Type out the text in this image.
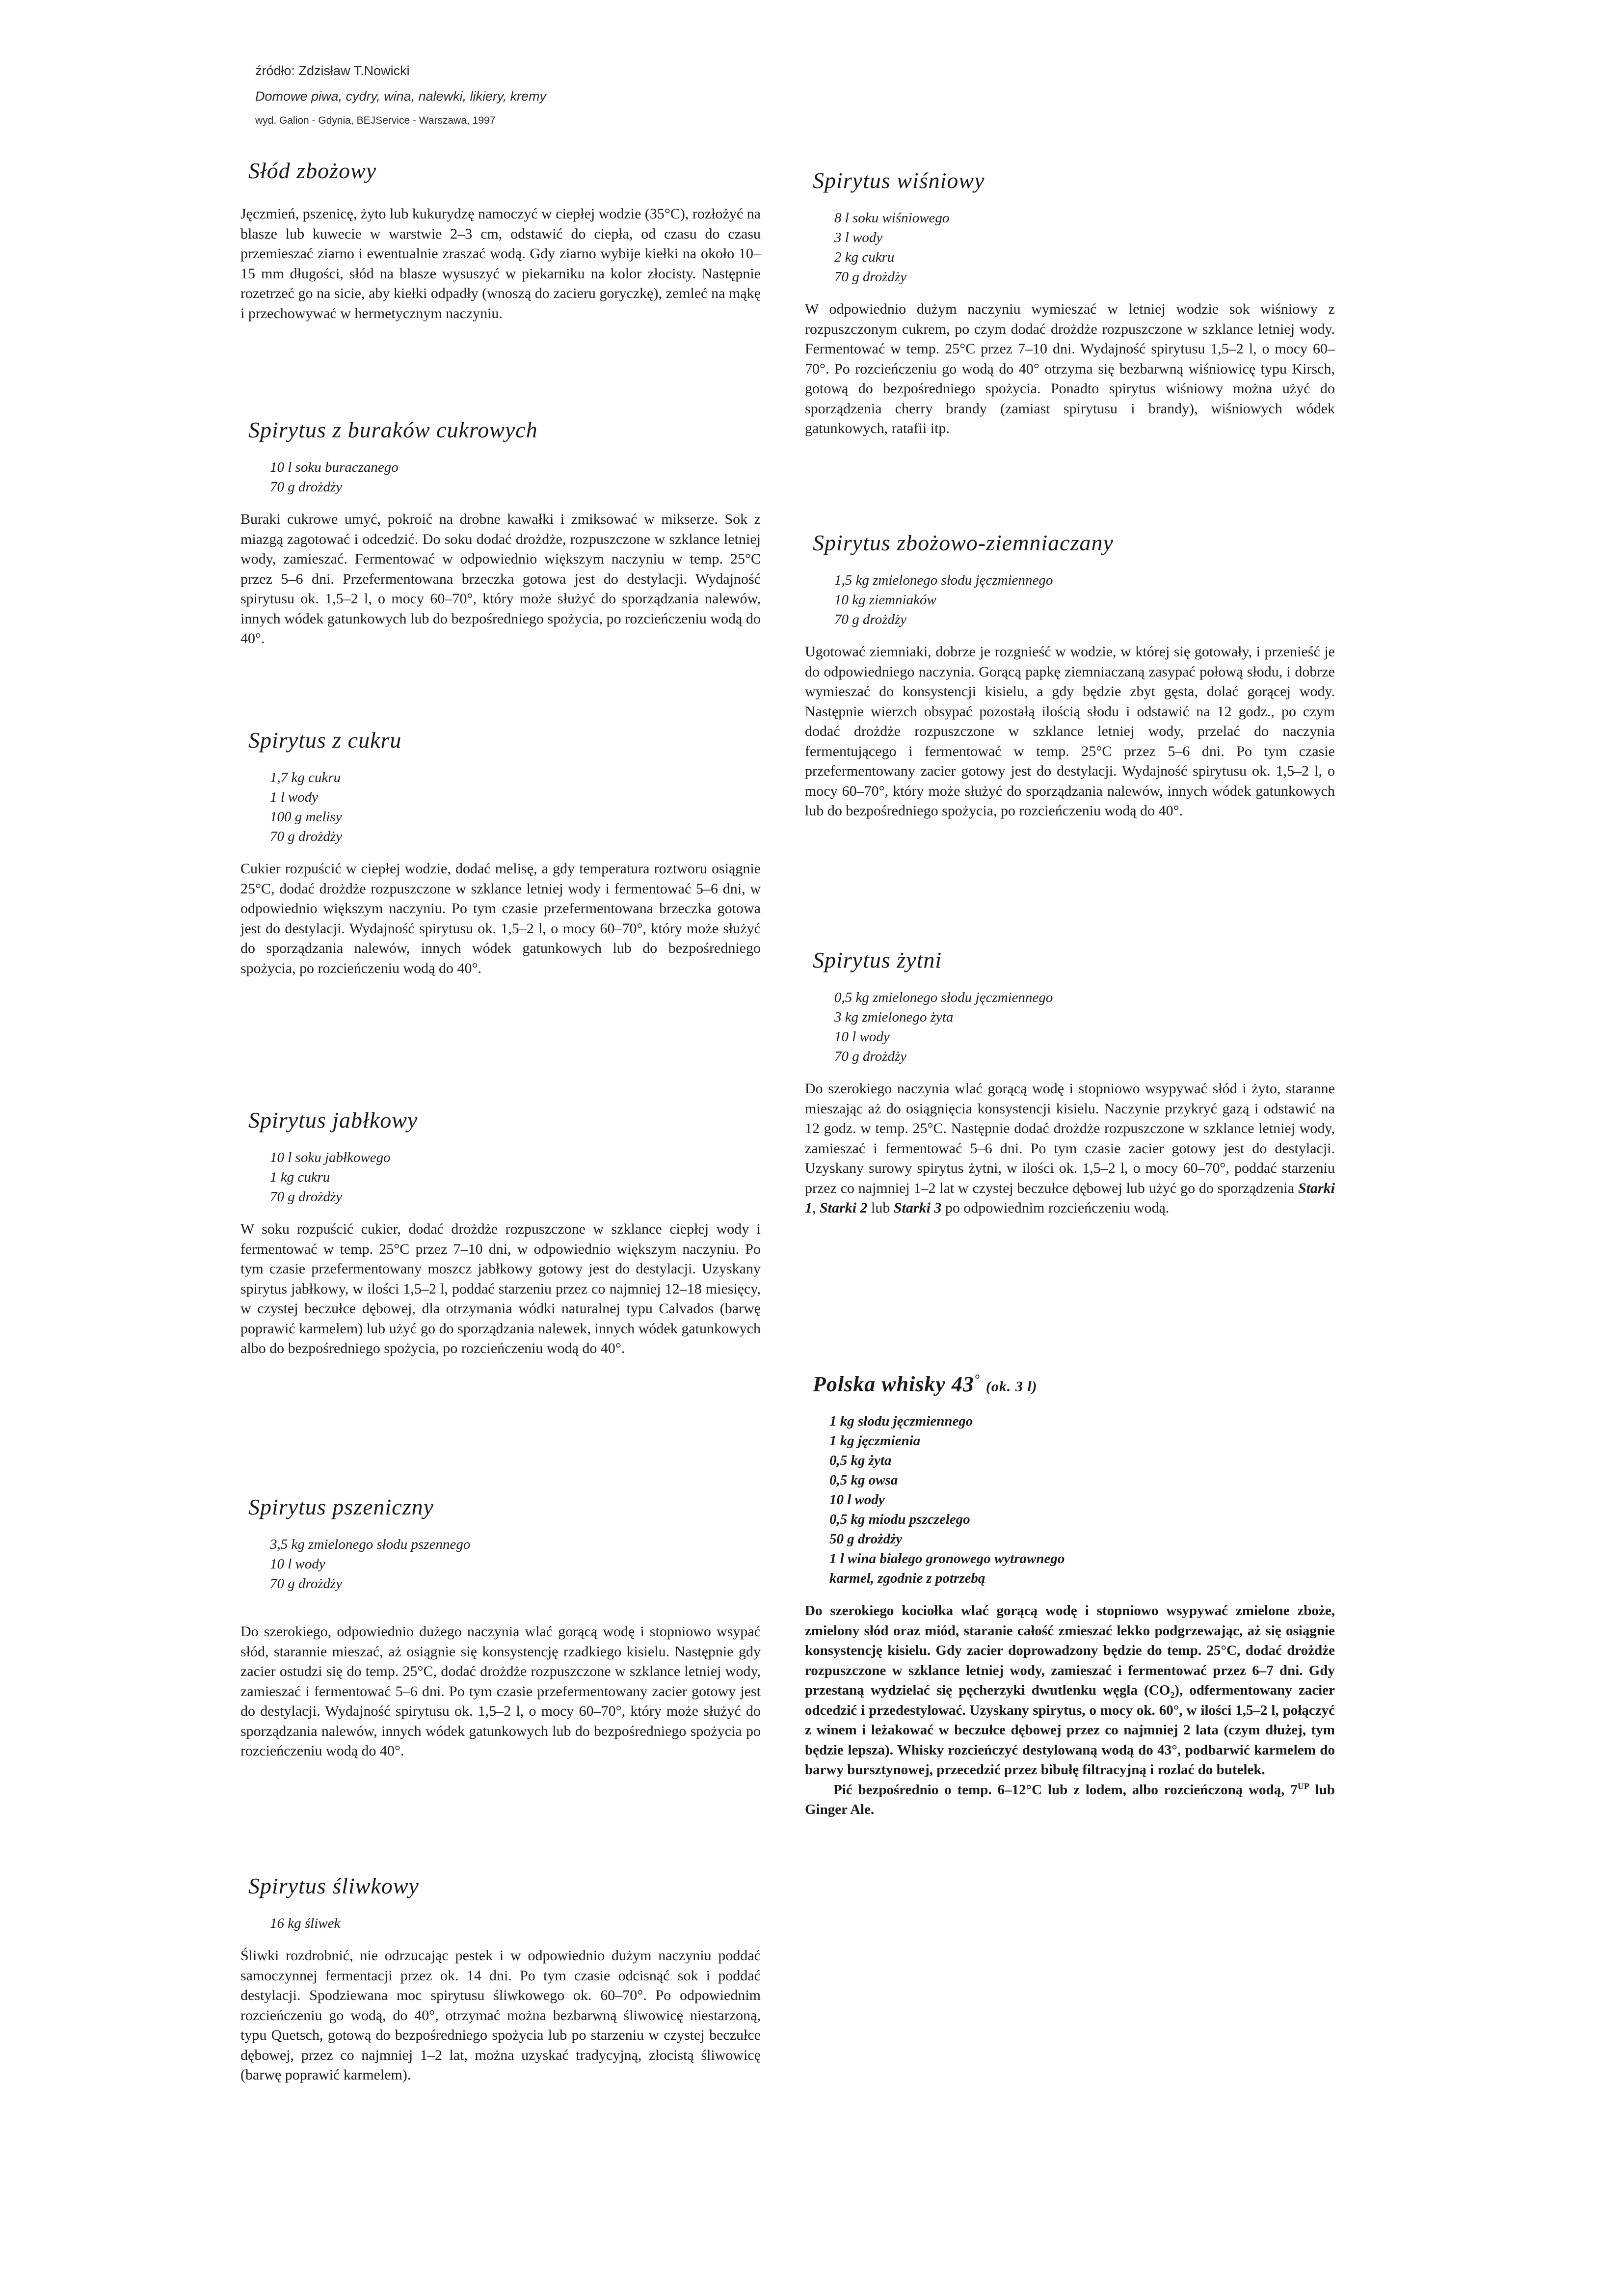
źródło: Zdzisław T.Nowicki
Domowe piwa, cydry, wina, nalewki, likiery, kremy
wyd. Galion - Gdynia, BEJService - Warszawa, 1997
Słód zbożowy

Jęczmień, pszenicę, żyto lub kukurydzę namoczyć w ciepłej wodzie (35°C), rozłożyć na blasze lub kuwecie w warstwie 2–3 cm, odstawić do ciepła, od czasu do czasu przemieszać ziarno i ewentualnie zraszać wodą. Gdy ziarno wybije kiełki na około 10–15 mm długości, słód na blasze wysuszyć w piekarniku na kolor złocisty. Następnie rozetrzeć go na sicie, aby kiełki odpadły (wnoszą do zacieru goryczkę), zemleć na mąkę i przechowywać w hermetycznym naczyniu.

Spirytus z buraków cukrowych
10 l soku buraczanego
70 g drożdży

Buraki cukrowe umyć, pokroić na drobne kawałki i zmiksować w mikserze. Sok z miazgą zagotować i odcedzić. Do soku dodać drożdże, rozpuszczone w szklance letniej wody, zamieszać. Fermentować w odpowiednio większym naczyniu w temp. 25°C przez 5–6 dni. Przefermentowana brzeczka gotowa jest do destylacji. Wydajność spirytusu ok. 1,5–2 l, o mocy 60–70°, który może służyć do sporządzania nalewów, innych wódek gatunkowych lub do bezpośredniego spożycia, po rozcieńczeniu wodą do 40°.

Spirytus z cukru
1,7 kg cukru
1 l wody
100 g melisy
70 g drożdży

Cukier rozpuścić w ciepłej wodzie, dodać melisę, a gdy temperatura roztworu osiągnie 25°C, dodać drożdże rozpuszczone w szklance letniej wody i fermentować 5–6 dni, w odpowiednio większym naczyniu. Po tym czasie przefermentowana brzeczka gotowa jest do destylacji. Wydajność spirytusu ok. 1,5–2 l, o mocy 60–70°, który może służyć do sporządzania nalewów, innych wódek gatunkowych lub do bezpośredniego spożycia, po rozcieńczeniu wodą do 40°.

Spirytus jabłkowy
10 l soku jabłkowego
1 kg cukru
70 g drożdży

W soku rozpuścić cukier, dodać drożdże rozpuszczone w szklance ciepłej wody i fermentować w temp. 25°C przez 7–10 dni, w odpowiednio większym naczyniu. Po tym czasie przefermentowany moszcz jabłkowy gotowy jest do destylacji. Uzyskany spirytus jabłkowy, w ilości 1,5–2 l, poddać starzeniu przez co najmniej 12–18 miesięcy, w czystej beczułce dębowej, dla otrzymania wódki naturalnej typu Calvados (barwę poprawić karmelem) lub użyć go do sporządzania nalewek, innych wódek gatunkowych albo do bezpośredniego spożycia, po rozcieńczeniu wodą do 40°.

Spirytus pszeniczny
3,5 kg zmielonego słodu pszennego
10 l wody
70 g drożdży

Do szerokiego, odpowiednio dużego naczynia wlać gorącą wodę i stopniowo wsypać słód, starannie mieszać, aż osiągnie się konsystencję rzadkiego kisielu. Następnie gdy zacier ostudzi się do temp. 25°C, dodać drożdże rozpuszczone w szklance letniej wody, zamieszać i fermentować 5–6 dni. Po tym czasie przefermentowany zacier gotowy jest do destylacji. Wydajność spirytusu ok. 1,5–2 l, o mocy 60–70°, który może służyć do sporządzania nalewów, innych wódek gatunkowych lub do bezpośredniego spożycia po rozcieńczeniu wodą do 40°.

Spirytus śliwkowy
16 kg śliwek

Śliwki rozdrobnić, nie odrzucając pestek i w odpowiednio dużym naczyniu poddać samoczynnej fermentacji przez ok. 14 dni. Po tym czasie odcisnąć sok i poddać destylacji. Spodziewana moc spirytusu śliwkowego ok. 60–70°. Po odpowiednim rozcieńczeniu go wodą, do 40°, otrzymać można bezbarwną śliwowicę niestarzoną, typu Quetsch, gotową do bezpośredniego spożycia lub po starzeniu w czystej beczułce dębowej, przez co najmniej 1–2 lat, można uzyskać tradycyjną, złocistą śliwowicę (barwę poprawić karmelem).

Spirytus wiśniowy
8 l soku wiśniowego
3 l wody
2 kg cukru
70 g drożdży

W odpowiednio dużym naczyniu wymieszać w letniej wodzie sok wiśniowy z rozpuszczonym cukrem, po czym dodać drożdże rozpuszczone w szklance letniej wody. Fermentować w temp. 25°C przez 7–10 dni. Wydajność spirytusu 1,5–2 l, o mocy 60–70°. Po rozcieńczeniu go wodą do 40° otrzyma się bezbarwną wiśniowicę typu Kirsch, gotową do bezpośredniego spożycia. Ponadto spirytus wiśniowy można użyć do sporządzenia cherry brandy (zamiast spirytusu i brandy), wiśniowych wódek gatunkowych, ratafii itp.

Spirytus zbożowo-ziemniaczany
1,5 kg zmielonego słodu jęczmiennego
10 kg ziemniaków
70 g drożdży

Ugotować ziemniaki, dobrze je rozgnieść w wodzie, w której się gotowały, i przenieść je do odpowiedniego naczynia. Gorącą papkę ziemniaczaną zasypać połową słodu, i dobrze wymieszać do konsystencji kisielu, a gdy będzie zbyt gęsta, dolać gorącej wody. Następnie wierzch obsypać pozostałą ilością słodu i odstawić na 12 godz., po czym dodać drożdże rozpuszczone w szklance letniej wody, przelać do naczynia fermentującego i fermentować w temp. 25°C przez 5–6 dni. Po tym czasie przefermentowany zacier gotowy jest do destylacji. Wydajność spirytusu ok. 1,5–2 l, o mocy 60–70°, który może służyć do sporządzania nalewów, innych wódek gatunkowych lub do bezpośredniego spożycia, po rozcieńczeniu wodą do 40°.

Spirytus żytni
0,5 kg zmielonego słodu jęczmiennego
3 kg zmielonego żyta
10 l wody
70 g drożdży

Do szerokiego naczynia wlać gorącą wodę i stopniowo wsypywać słód i żyto, staranne mieszając aż do osiągnięcia konsystencji kisielu. Naczynie przykryć gazą i odstawić na 12 godz. w temp. 25°C. Następnie dodać drożdże rozpuszczone w szklance letniej wody, zamieszać i fermentować 5–6 dni. Po tym czasie zacier gotowy jest do destylacji. Uzyskany surowy spirytus żytni, w ilości ok. 1,5–2 l, o mocy 60–70°, poddać starzeniu przez co najmniej 1–2 lat w czystej beczułce dębowej lub użyć go do sporządzenia Starki 1, Starki 2 lub Starki 3 po odpowiednim rozcieńczeniu wodą.

Polska whisky 43° (ok. 3 l)
1 kg słodu jęczmiennego
1 kg jęczmienia
0,5 kg żyta
0,5 kg owsa
10 l wody
0,5 kg miodu pszczelego
50 g drożdży
1 l wina białego gronowego wytrawnego
karmel, zgodnie z potrzebą

Do szerokiego kociołka wlać gorącą wodę i stopniowo wsypywać zmielone zboże, zmielony słód oraz miód, staranie całość zmieszać lekko podgrzewając, aż się osiągnie konsystencję kisielu. Gdy zacier doprowadzony będzie do temp. 25°C, dodać drożdże rozpuszczone w szklance letniej wody, zamieszać i fermentować przez 6–7 dni. Gdy przestaną wydzielać się pęcherzyki dwutlenku węgla $(CO_2)$, odfermentowany zacier odcedzić i przedestylować. Uzyskany spirytus, o mocy ok. 60°, w ilości 1,5–2 l, połączyć z winem i leżakować w beczułce dębowej przez co najmniej 2 lata (czym dłużej, tym będzie lepsza). Whisky rozcieńczyć destylowaną wodą do 43°, podbarwić karmelem do barwy bursztynowej, przecedzić przez bibułę filtracyjną i rozlać do butelek.

Pić bezpośrednio o temp. 6–12°C lub z lodem, albo rozcieńczoną wodą, $7^{UP}$ lub Ginger Ale.
